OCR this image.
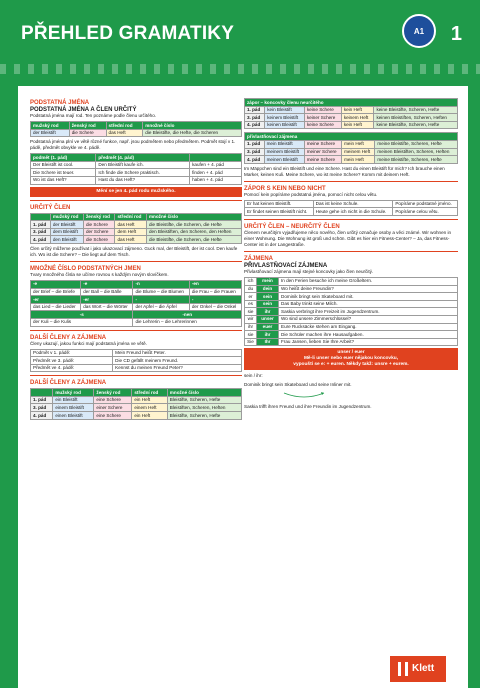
PŘEHLED GRAMATIKY	A1	1
PODSTATNÁ JMÉNA
PODSTATNÁ JMÉNA A ČLEN URČITÝ
Podstatná jména mají rod. Ten poznáme podle členu určitého.
mužský rod	ženský rod	střední rod	množné číslo
der Bleistift	die Schere	das Heft	die Bleistifte, die Hefte, die Scheren
Podstatná jména plní ve větě různé funkce, např. jsou podmětem nebo předmětem. Podmět stojí v 1. pádě, předmět obvykle ve 4. pádě.
podmět (1. pád)	předmět (4. pád)	
Der Bleistift ist cool.	Den Bleistift kaufe ich.	kaufen + 4. pád
Die Schere ist teuer.	Ich finde die Schere praktisch.	finden + 4. pád
Wo ist das Heft?	Hast du das Heft?	haben + 4. pád
Mění se jen 4. pád rodu mužského.
URČITÝ ČLEN
	mužský rod	ženský rod	střední rod	množné číslo
1. pád	der Bleistift	die Schere	das Heft	die Bleistifte, die Scheren, die Hefte
3. pád	dem Bleistift	der Schere	dem Heft	den Bleistiften, den Scheren, den Heften
4. pád	den Bleistift	die Schere	das Heft	die Bleistifte, die Scheren, die Hefte
Člen určitý můžeme používat i jako ukazovací zájmeno. Guck mal, der Bleistift, der ist cool. Den kaufe ich. Wo ist die Schere? – Die liegt auf dem Tisch.
MNOŽNÉ ČÍSLO PODSTATNÝCH JMEN
Tvary množného čísla se učíme rovnou s každým novým slovíčkem.
-e	-e	-n	-en
der Brief – die Briefe	der Ball – die Bälle	die Blume – die Blumen	die Frau – die Frauen
-er	-er	-	-
das Lied – die Lieder	das Wort – die Wörter	der Apfel – die Äpfel	der Onkel – die Onkel
-s		-nen	
der Kuli – die Kulis		die Lehrerin – die Lehrerinnen	
DALŠÍ ČLENY A ZÁJMENA
Členy ukazují, jakou funkci mají podstatná jména ve větě.
Podmět v 1. pádě:	Mein Freund heißt Peter.
Předmět ve 3. pádě:	Die CD gefällt meinem Freund.
Předmět ve 4. pádě:	Kennst du meinen Freund Peter?
DALŠÍ ČLENY A ZÁJMENA
	mužský rod	ženský rod	střední rod	množné číslo
1. pád	ein Bleistift	eine Schere	ein Heft	Bleistifte, Scheren, Hefte
3. pád	einem Bleistift	einer Schere	einem Heft	Bleistiften, Scheren, Heften
4. pád	einen Bleistift	eine Schere	ein Heft	Bleistifte, Scheren, Hefte
zápor – koncovky členu neurčitého				
1. pád	kein Bleistift	keine Schere	kein Heft	keine Bleistifte, Scheren, Hefte
3. pád	keinem Bleistift	keiner Schere	keinem Heft	keinen Bleistiften, Scheren, Heften
4. pád	keinen Bleistift	keine Schere	kein Heft	keine Bleistifte, Scheren, Hefte
přivlastňovací zájmena				
1. pád	mein Bleistift	meine Schere	mein Heft	meine Bleistifte, Scheren, Hefte
3. pád	meinem Bleistift	meiner Schere	meinem Heft	meinen Bleistiften, Scheren, Heften
4. pád	meinen Bleistift	meine Schere	mein Heft	meine Bleistifte, Scheren, Hefte
Im Mäppchen sind ein Bleistift und eine Schere. Hast du einen Bleistift für mich? Ich brauche einen Marker, keinen Kuli. Meine Schere, wo ist meine Schere? Komm mit deinem Heft.
ZÁPOR S KEIN NEBO NICHT
Pomocí kein popíráme podstatná jména, pomocí nicht celou větu.
Er hat keinen Bleistift.	Das ist keine Schule.	Popíráme podstatné jméno.
Er findet seinen Bleistift nicht.	Heute gehe ich nicht in die Schule.	Popíráme celou větu.
URČITÝ ČLEN – NEURČITÝ ČLEN
Členem neurčitým vyjadřujeme něco nového, člen určitý označuje osoby a věci známé. Wir wohnen in einer Wohnung. Die Wohnung ist groß und schön. Gibt es hier ein Fitness-Center? – Ja, das Fitness-Center ist in der Langestraße.
ZÁJMENA
PŘIVLASTŇOVACÍ ZÁJMENA
Přivlastňovací zájmena mají stejné koncovky jako člen neurčitý.
ich	mein	In den Ferien besuche ich meine Großeltern.
du	dein	Wo heißt deine Freundin?
er	sein	Dominik bringt sein Skateboard mit.
es	sein	Das Baby trinkt seine Milch.
sie	ihr	Saskia verbringt ihre Freizeit im Jugendzentrum.
wir	unser	Wo sind unsere Zimmerschlüssel?
ihr	euer	Eure Rucksäcke stehen am Eingang.
sie	ihr	Die Schüler machen ihre Hausaufgaben.
Sie	Ihr	Frau Jansen, lieben Sie Ihre Arbeit?
unser / euer
Mě-li unser nebo euer nějakou koncovku,
vypouští se e: + euren. Někdy takž: unsre + eurem.
sein / ihr:
Dominik bringt sein Skateboard und seine Inliner mit.
Saskia trifft ihren Freund und ihre Freundin im Jugendzentrum.
Klett
